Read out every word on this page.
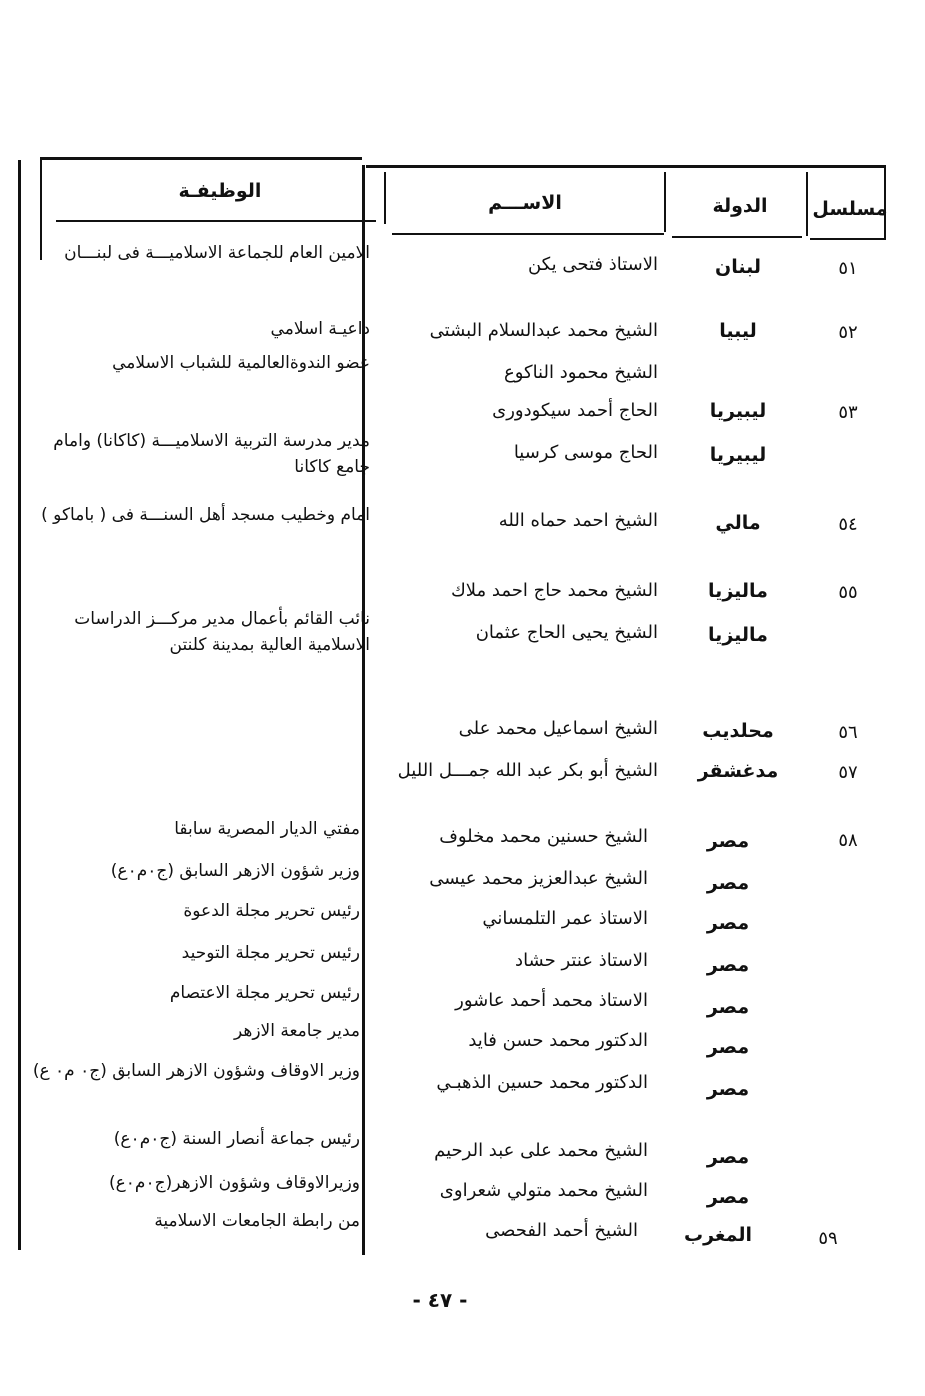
مسلسل
الدولة
الاســـم
الوظيفـة
٥١
لبنان
الاستاذ فتحى يكن
الامين العام للجماعة الاسلاميـــة فى لبنـــان
٥٢
ليبيا
الشيخ محمد عبدالسلام البشتى
داعيـة اسلامي
الشيخ محمود الناكوع
عضو الندوةالعالمية للشباب الاسلامي
٥٣
ليبيريا
الحاج أحمد سيكودورى
ليبيريا
الحاج موسى كرسيا
مدير مدرسة التربية الاسلاميـــة (كاكانا) وامام جامع كاكانا
٥٤
مالي
الشيخ احمد حماه الله
امام وخطيب مسجد أهل السنـــة فى ( باماكو )
٥٥
ماليزيا
الشيخ محمد حاج احمد ملاك
ماليزيا
الشيخ يحيى الحاج عثمان
نائب القائم بأعمال مدير مركـــز الدراسات الاسلامية العالية بمدينة كلنتن
٥٦
محلديب
الشيخ اسماعيل محمد على
٥٧
مدغشقر
الشيخ أبو بكر عبد الله جمـــل الليل
٥٨
مصر
الشيخ حسنين محمد مخلوف
مفتي الديار المصرية سابقا
مصر
الشيخ عبدالعزيز محمد عيسى
وزير شؤون الازهر السابق (ج٠م٠ع)
مصر
الاستاذ عمر التلمساني
رئيس تحرير مجلة الدعوة
مصر
الاستاذ عنتر حشاد
رئيس تحرير مجلة التوحيد
مصر
الاستاذ محمد أحمد عاشور
رئيس تحرير مجلة الاعتصام
مصر
الدكتور محمد حسن فايد
مدير جامعة الازهر
مصر
الدكتور محمد حسين الذهبـي
وزير الاوقاف وشؤون الازهر السابق (ج٠ م٠ ع)
مصر
الشيخ محمد على عبد الرحيم
رئيس جماعة أنصار السنة (ج٠م٠ع)
مصر
الشيخ محمد متولي شعراوى
وزيرالاوقاف وشؤون الازهر(ج٠م٠ع)
٥٩
المغرب
الشيخ أحمد الفحصى
من رابطة الجامعات الاسلامية
- ٤٧ -
